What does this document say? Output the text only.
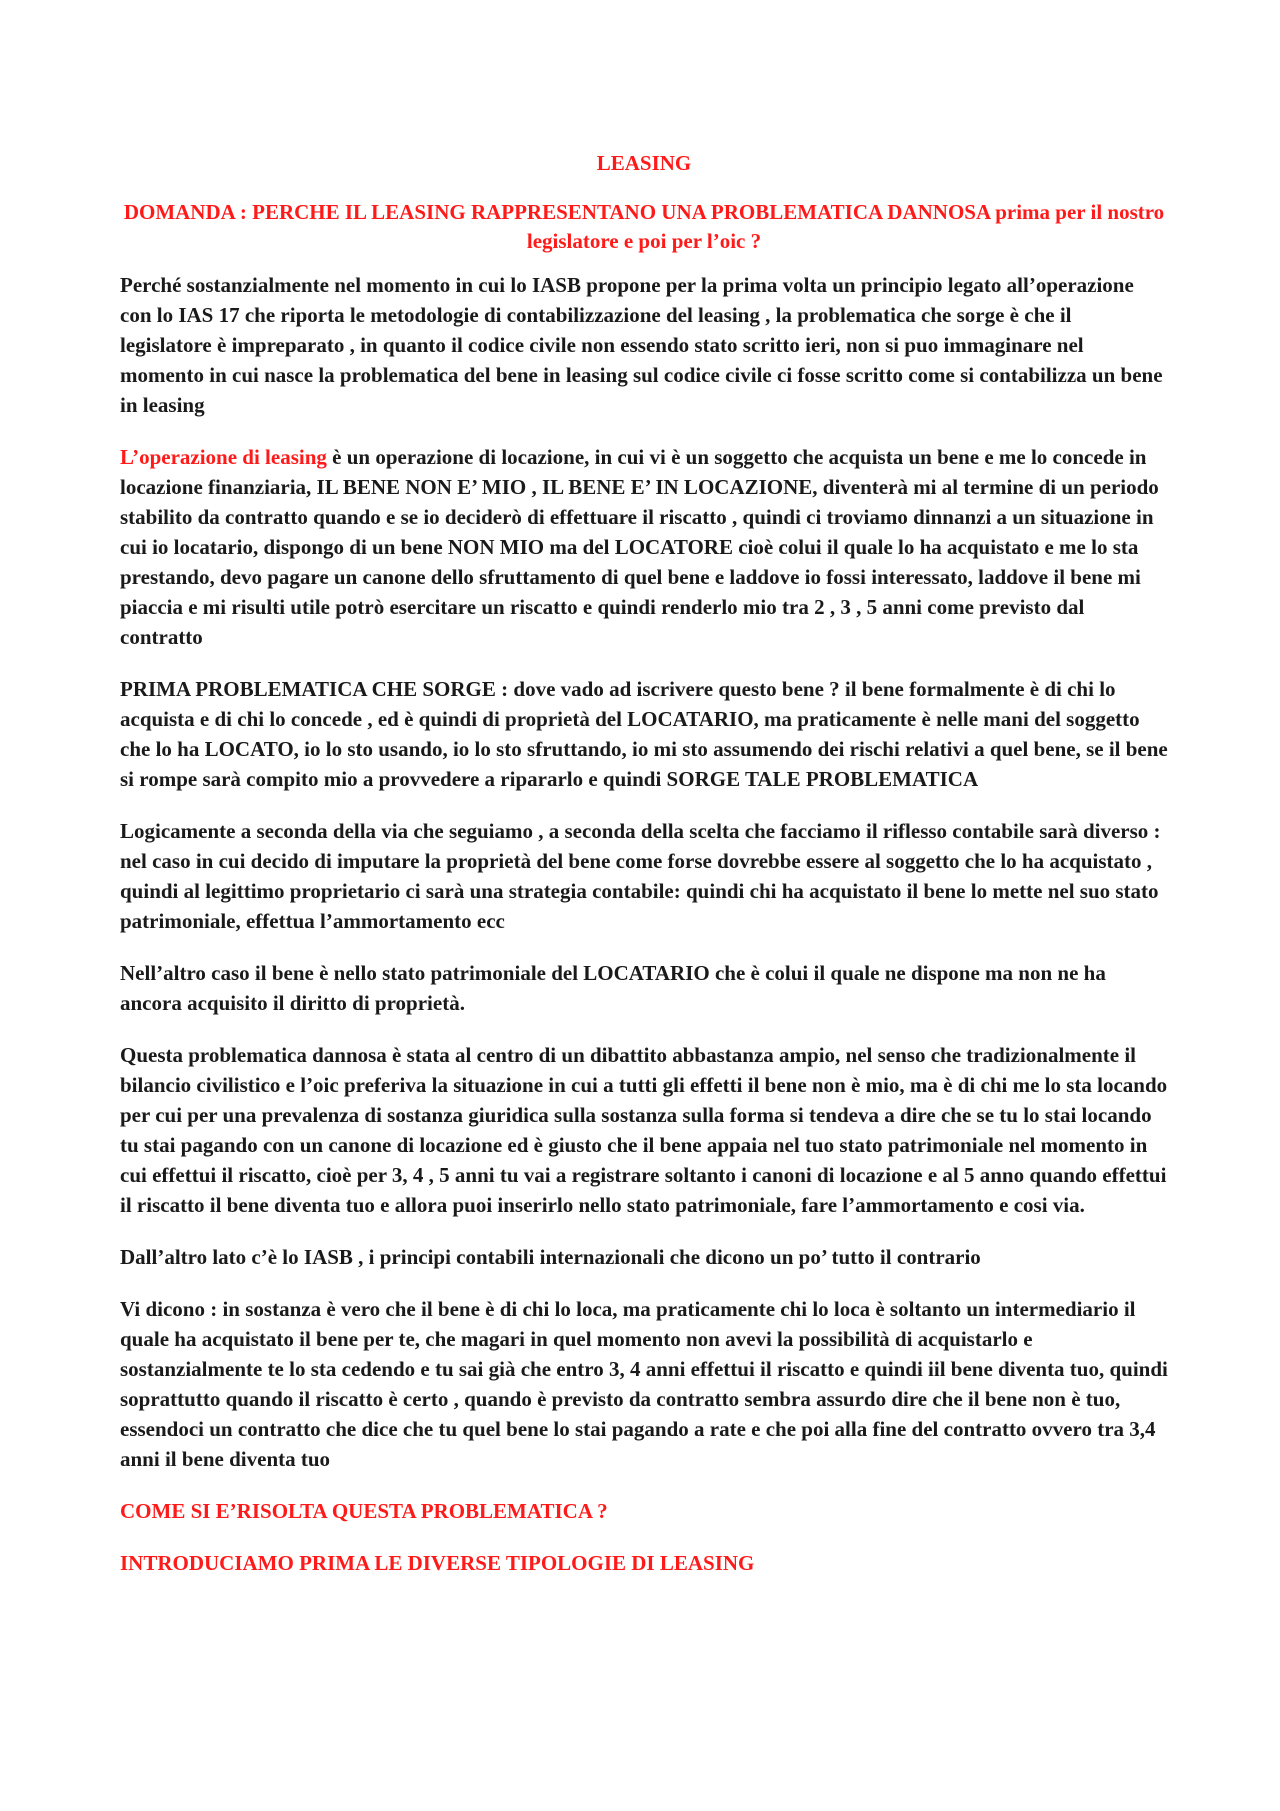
LEASING
DOMANDA : PERCHE IL LEASING RAPPRESENTANO UNA PROBLEMATICA DANNOSA prima per il nostro legislatore e poi per l’oic ?

Perché sostanzialmente nel momento in cui lo IASB propone per la prima volta un principio legato all’operazione con lo IAS 17 che riporta le metodologie di contabilizzazione del leasing , la problematica che sorge è che il legislatore è impreparato , in quanto il codice civile non essendo stato scritto ieri, non si puo immaginare nel momento in cui nasce la problematica del bene in leasing sul codice civile ci fosse scritto come si contabilizza un bene in leasing

L’operazione di leasing è un operazione di locazione, in cui vi è un soggetto che acquista un bene e me lo concede in locazione finanziaria, IL BENE NON E’ MIO , IL BENE E’ IN LOCAZIONE, diventerà mi al termine di un periodo stabilito da contratto quando e se io deciderò di effettuare il riscatto , quindi ci troviamo dinnanzi a un situazione in cui io locatario, dispongo di un bene NON MIO ma del LOCATORE cioè colui il quale lo ha acquistato e me lo sta prestando, devo pagare un canone dello sfruttamento di quel bene e laddove io fossi interessato, laddove il bene mi piaccia e mi risulti utile potrò esercitare un riscatto e quindi renderlo mio tra 2 , 3 , 5 anni come previsto dal contratto

PRIMA PROBLEMATICA CHE SORGE : dove vado ad iscrivere questo bene ? il bene formalmente è di chi lo acquista e di chi lo concede , ed è quindi di proprietà del LOCATARIO, ma praticamente è nelle mani del soggetto che lo ha LOCATO, io lo sto usando, io lo sto sfruttando, io mi sto assumendo dei rischi relativi a quel bene, se il bene si rompe sarà compito mio a provvedere a ripararlo e quindi SORGE TALE PROBLEMATICA

Logicamente a seconda della via che seguiamo , a seconda della scelta che facciamo il riflesso contabile sarà diverso : nel caso in cui decido di imputare la proprietà del bene come forse dovrebbe essere al soggetto che lo ha acquistato , quindi al legittimo proprietario ci sarà una strategia contabile: quindi chi ha acquistato il bene lo mette nel suo stato patrimoniale, effettua l’ammortamento ecc

Nell’altro caso il bene è nello stato patrimoniale del LOCATARIO che è colui il quale ne dispone ma non ne ha ancora acquisito il diritto di proprietà.

Questa problematica dannosa è stata al centro di un dibattito abbastanza ampio, nel senso che tradizionalmente il bilancio civilistico e l’oic preferiva la situazione in cui a tutti gli effetti il bene non è mio, ma è di chi me lo sta locando per cui per una prevalenza di sostanza giuridica sulla sostanza sulla forma si tendeva a dire che se tu lo stai locando tu stai pagando con un canone di locazione ed è giusto che il bene appaia nel tuo stato patrimoniale nel momento in cui effettui il riscatto, cioè per 3, 4 , 5 anni tu vai a registrare soltanto i canoni di locazione e al 5 anno quando effettui il riscatto il bene diventa tuo e allora puoi inserirlo nello stato patrimoniale, fare l’ammortamento e cosi via.

Dall’altro lato c’è lo IASB , i principi contabili internazionali che dicono un po’ tutto il contrario

Vi dicono : in sostanza è vero che il bene è di chi lo loca, ma praticamente chi lo loca è soltanto un intermediario il quale ha acquistato il bene per te, che magari in quel momento non avevi la possibilità di acquistarlo e sostanzialmente te lo sta cedendo e tu sai già che entro 3, 4 anni effettui il riscatto e quindi iil bene diventa tuo, quindi soprattutto quando il riscatto è certo , quando è previsto da contratto sembra assurdo dire che il bene non è tuo, essendoci un contratto che dice che tu quel bene lo stai pagando a rate e che poi alla fine del contratto ovvero tra 3,4 anni il bene diventa tuo

COME SI E’RISOLTA QUESTA PROBLEMATICA ?

INTRODUCIAMO PRIMA LE DIVERSE TIPOLOGIE DI LEASING
